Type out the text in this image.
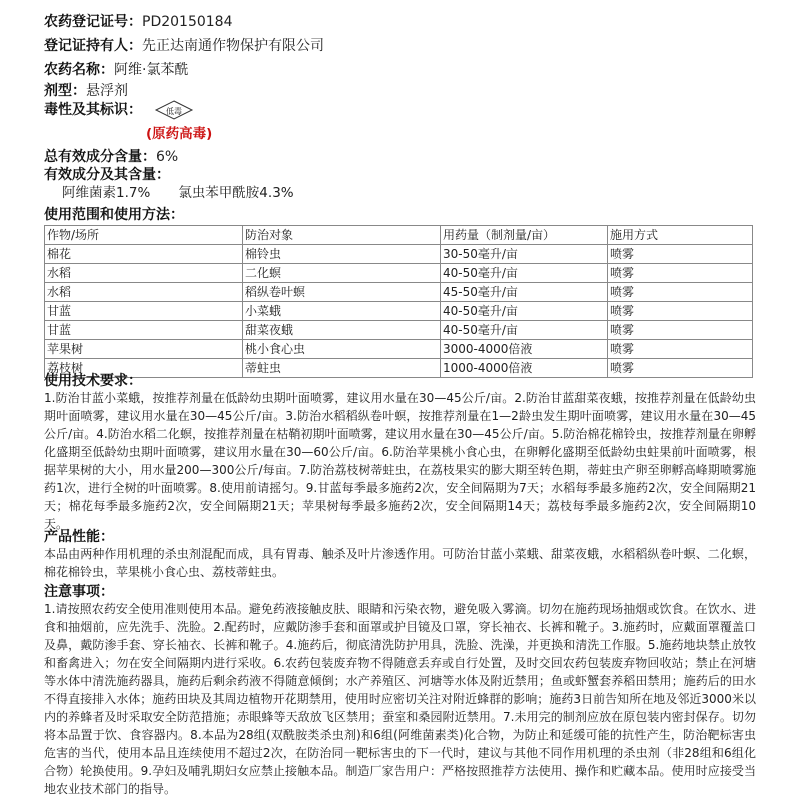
农药登记证号：PD20150184
登记证持有人：先正达南通作物保护有限公司
农药名称：阿维·氯苯酰
剂型：悬浮剂
毒性及其标识：	低毒
(原药高毒)
总有效成分含量：6%
有效成分及其含量：
阿维菌素1.7% 氯虫苯甲酰胺4.3%
使用范围和使用方法：
作物/场所	防治对象	用药量（制剂量/亩）	施用方式
棉花	棉铃虫	30-50毫升/亩	喷雾
水稻	二化螟	40-50毫升/亩	喷雾
水稻	稻纵卷叶螟	45-50毫升/亩	喷雾
甘蓝	小菜蛾	40-50毫升/亩	喷雾
甘蓝	甜菜夜蛾	40-50毫升/亩	喷雾
苹果树	桃小食心虫	3000-4000倍液	喷雾
荔枝树	蒂蛀虫	1000-4000倍液	喷雾
使用技术要求：
1.防治甘蓝小菜蛾，按推荐剂量在低龄幼虫期叶面喷雾，建议用水量在30—45公斤/亩。2.防治甘蓝甜菜夜蛾，按推荐剂量在低龄幼虫期叶面喷雾，建议用水量在30—45公斤/亩。3.防治水稻稻纵卷叶螟，按推荐剂量在1—2龄虫发生期叶面喷雾，建议用水量在30—45公斤/亩。4.防治水稻二化螟，按推荐剂量在枯鞘初期叶面喷雾，建议用水量在30—45公斤/亩。5.防治棉花棉铃虫，按推荐剂量在卵孵化盛期至低龄幼虫期叶面喷雾，建议用水量在30—60公斤/亩。6.防治苹果桃小食心虫，在卵孵化盛期至低龄幼虫蛀果前叶面喷雾，根据苹果树的大小，用水量200—300公斤/每亩。7.防治荔枝树蒂蛀虫，在荔枝果实的膨大期至转色期，蒂蛀虫产卵至卵孵高峰期喷雾施药1次，进行全树的叶面喷雾。8.使用前请摇匀。9.甘蓝每季最多施药2次，安全间隔期为7天；水稻每季最多施药2次，安全间隔期21天；棉花每季最多施药2次，安全间隔期21天；苹果树每季最多施药2次，安全间隔期14天；荔枝每季最多施药2次，安全间隔期10天。
产品性能：
本品由两种作用机理的杀虫剂混配而成，具有胃毒、触杀及叶片渗透作用。可防治甘蓝小菜蛾、甜菜夜蛾，水稻稻纵卷叶螟、二化螟，棉花棉铃虫，苹果桃小食心虫、荔枝蒂蛀虫。
注意事项：
1.请按照农药安全使用准则使用本品。避免药液接触皮肤、眼睛和污染衣物，避免吸入雾滴。切勿在施药现场抽烟或饮食。在饮水、进食和抽烟前，应先洗手、洗脸。2.配药时，应戴防渗手套和面罩或护目镜及口罩，穿长袖衣、长裤和靴子。3.施药时，应戴面罩覆盖口及鼻，戴防渗手套、穿长袖衣、长裤和靴子。4.施药后，彻底清洗防护用具，洗脸、洗澡，并更换和清洗工作服。5.施药地块禁止放牧和畜禽进入；勿在安全间隔期内进行采收。6.农药包装废弃物不得随意丢弃或自行处置，及时交回农药包装废弃物回收站；禁止在河塘等水体中清洗施药器具，施药后剩余药液不得随意倾倒；水产养殖区、河塘等水体及附近禁用；鱼或虾蟹套养稻田禁用；施药后的田水不得直接排入水体；施药田块及其周边植物开花期禁用，使用时应密切关注对附近蜂群的影响；施药3日前告知所在地及邻近3000米以内的养蜂者及时采取安全防范措施；赤眼蜂等天敌放飞区禁用；蚕室和桑园附近禁用。7.未用完的制剂应放在原包装内密封保存。切勿将本品置于饮、食容器内。8.本品为28组(双酰胺类杀虫剂)和6组(阿维菌素类)化合物，为防止和延缓可能的抗性产生，防治靶标害虫危害的当代，使用本品且连续使用不超过2次，在防治同一靶标害虫的下一代时，建议与其他不同作用机理的杀虫剂（非28组和6组化合物）轮换使用。9.孕妇及哺乳期妇女应禁止接触本品。制造厂家告用户：严格按照推荐方法使用、操作和贮藏本品。使用时应接受当地农业技术部门的指导。
